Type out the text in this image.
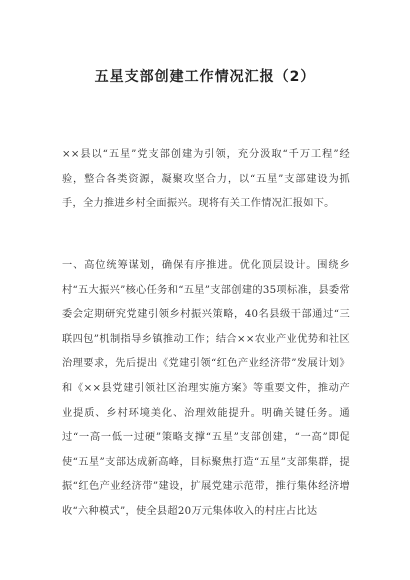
五星支部创建工作情况汇报（2）
××县以“五星”党支部创建为引领，充分汲取“千万工程”经验，整合各类资源，凝聚攻坚合力，以“五星”支部建设为抓手，全力推进乡村全面振兴。现将有关工作情况汇报如下。
一、高位统筹谋划，确保有序推进。优化顶层设计。围绕乡村“五大振兴”核心任务和“五星”支部创建的35项标准，县委常委会定期研究党建引领乡村振兴策略，40名县级干部通过“三联四包”机制指导乡镇推动工作；结合××农业产业优势和社区治理要求，先后提出《党建引领“红色产业经济带”发展计划》和《××县党建引领社区治理实施方案》等重要文件，推动产业提质、乡村环境美化、治理效能提升。明确关键任务。通过“一高一低一过硬”策略支撑“五星”支部创建，“一高”即促使“五星”支部达成新高峰，目标聚焦打造“五星”支部集群，提振“红色产业经济带”建设，扩展党建示范带，推行集体经济增收“六种模式”，使全县超20万元集体收入的村庄占比达
